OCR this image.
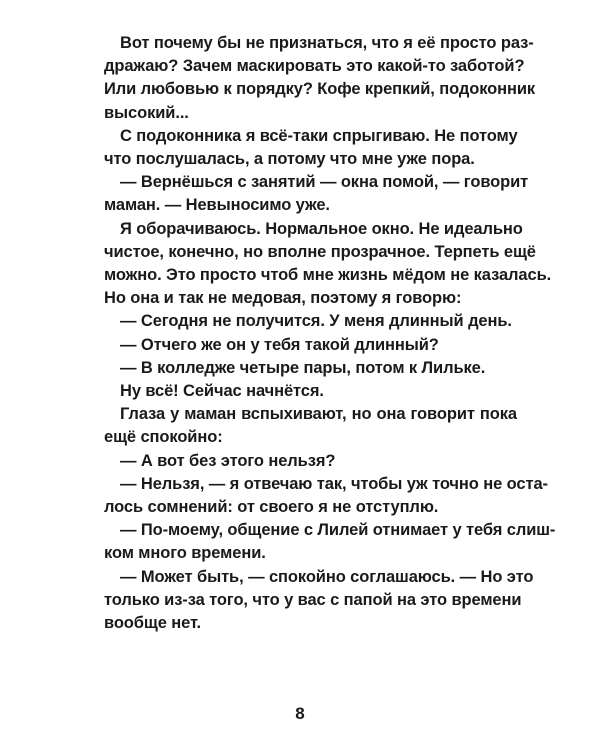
Вот почему бы не признаться, что я её просто раз-
дражаю? Зачем маскировать это какой-то заботой?
Или любовью к порядку? Кофе крепкий, подоконник
высокий...
С подоконника я всё-таки спрыгиваю. Не потому
что послушалась, а потому что мне уже пора.
— Вернёшься с занятий — окна помой, — говорит
маман. — Невыносимо уже.
Я оборачиваюсь. Нормальное окно. Не идеально
чистое, конечно, но вполне прозрачное. Терпеть ещё
можно. Это просто чтоб мне жизнь мёдом не казалась.
Но она и так не медовая, поэтому я говорю:
— Сегодня не получится. У меня длинный день.
— Отчего же он у тебя такой длинный?
— В колледже четыре пары, потом к Лильке.
Ну всё! Сейчас начнётся.
Глаза у маман вспыхивают, но она говорит пока
ещё спокойно:
— А вот без этого нельзя?
— Нельзя, — я отвечаю так, чтобы уж точно не оста-
лось сомнений: от своего я не отступлю.
— По-моему, общение с Лилей отнимает у тебя слиш-
ком много времени.
— Может быть, — спокойно соглашаюсь. — Но это
только из-за того, что у вас с папой на это времени
вообще нет.
8
